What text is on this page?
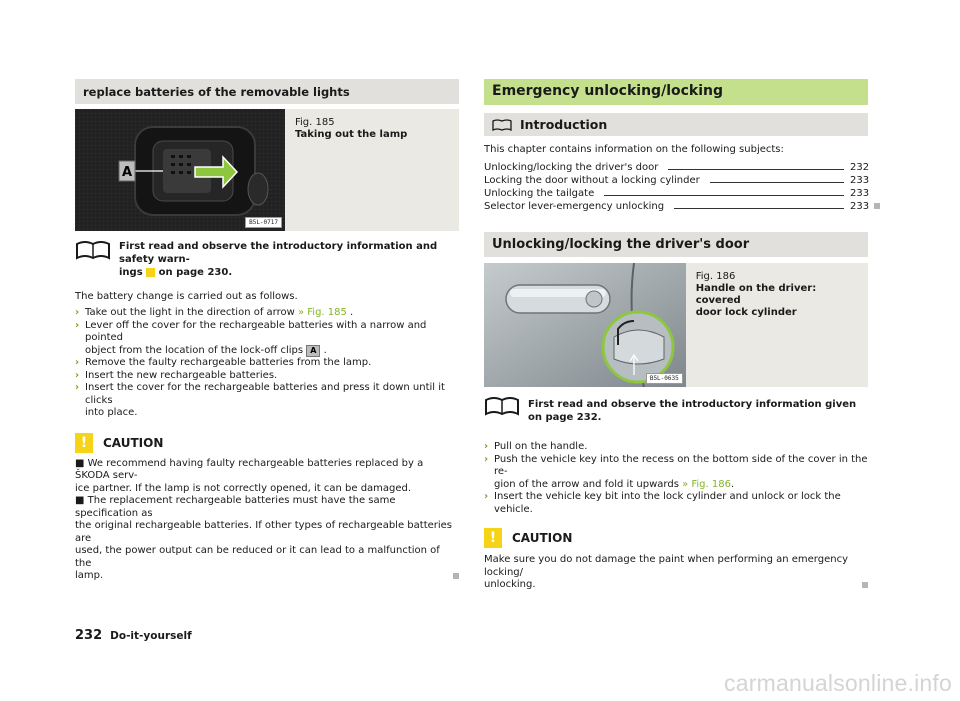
replace batteries of the removable lights
A
B5L-0717
Fig. 185
Taking out the lamp
First read and observe the introductory information and safety warn-
ings on page 230.

The battery change is carried out as follows.

› Take out the light in the direction of arrow » Fig. 185 .
› Lever off the cover for the rechargeable batteries with a narrow and pointed
object from the location of the lock-off clips A .
› Remove the faulty rechargeable batteries from the lamp.
› Insert the new rechargeable batteries.
› Insert the cover for the rechargeable batteries and press it down until it clicks
into place.
!	CAUTION
■ We recommend having faulty rechargeable batteries replaced by a ŠKODA serv-
ice partner. If the lamp is not correctly opened, it can be damaged.
■ The replacement rechargeable batteries must have the same specification as
the original rechargeable batteries. If other types of rechargeable batteries are
used, the power output can be reduced or it can lead to a malfunction of the
lamp.
Emergency unlocking/locking
Introduction

This chapter contains information on the following subjects:

Unlocking/locking the driver's door	232
Locking the door without a locking cylinder	233
Unlocking the tailgate	233
Selector lever-emergency unlocking	233
Unlocking/locking the driver's door
B5L-0635
Fig. 186
Handle on the driver: covered
door lock cylinder
First read and observe the introductory information given on page 232.
› Pull on the handle.
› Push the vehicle key into the recess on the bottom side of the cover in the re-
gion of the arrow and fold it upwards » Fig. 186.
› Insert the vehicle key bit into the lock cylinder and unlock or lock the vehicle.
!	CAUTION
Make sure you do not damage the paint when performing an emergency locking/
unlocking.
232 Do-it-yourself
carmanualsonline.info
